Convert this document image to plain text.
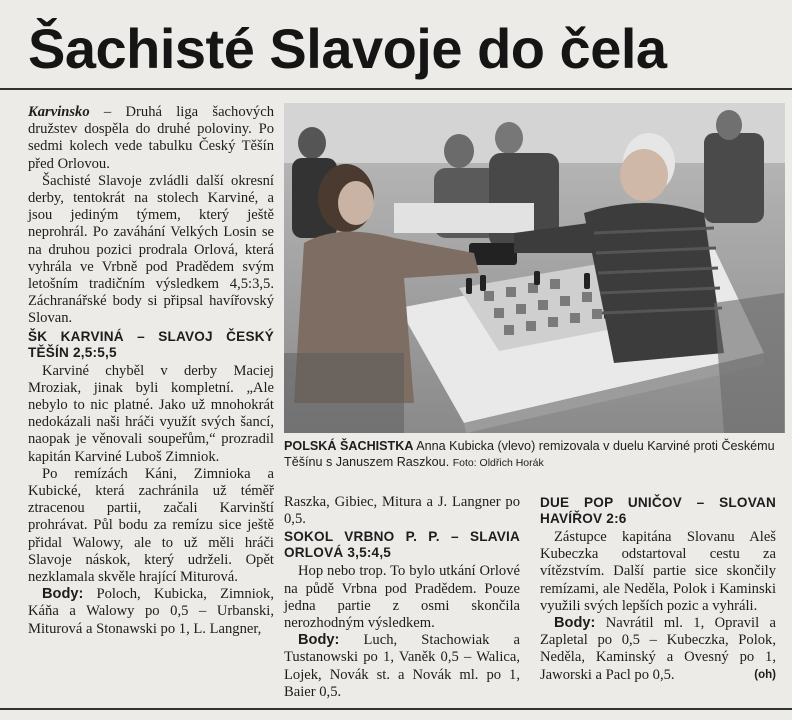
Šachisté Slavoje do čela

Karvinsko – Druhá liga šachových družstev dospěla do druhé poloviny. Po sedmi kolech vede tabulku Český Těšín před Orlovou.

Šachisté Slavoje zvládli další okresní derby, tentokrát na stolech Karviné, a jsou jediným týmem, který ještě neprohrál. Po zaváhání Velkých Losin se na druhou pozici prodrala Orlová, která vyhrála ve Vrbně pod Pradědem svým letošním tradičním výsledkem 4,5:3,5. Záchranářské body si připsal havířovský Slovan.

ŠK KARVINÁ – SLAVOJ ČESKÝ TĚŠÍN 2,5:5,5

Karviné chyběl v derby Maciej Mroziak, jinak byli kompletní. „Ale nebylo to nic platné. Jako už mnohokrát nedokázali naši hráči využít svých šancí, naopak je věnovali soupeřům,“ prozradil kapitán Karviné Luboš Zimniok.

Po remízách Káni, Zimnioka a Kubické, která zachránila už téměř ztracenou partii, začali Karvinští prohrávat. Půl bodu za remízu sice ještě přidal Walowy, ale to už měli hráči Slavoje náskok, který udrželi. Opět nezklamala skvěle hrající Miturová.

Body: Poloch, Kubicka, Zimniok, Káňa a Walowy po 0,5 – Urbanski, Miturová a Stonawski po 1, L. Langner,

POLSKÁ ŠACHISTKA Anna Kubicka (vlevo) remizovala v duelu Karviné proti Českému Těšínu s Januszem Raszkou. Foto: Oldřich Horák

Raszka, Gibiec, Mitura a J. Langner po 0,5.

SOKOL VRBNO P. P. – SLAVIA ORLOVÁ 3,5:4,5

Hop nebo trop. To bylo utkání Orlové na půdě Vrbna pod Pradědem. Pouze jedna partie z osmi skončila nerozhodným výsledkem.

Body: Luch, Stachowiak a Tustanowski po 1, Vaněk 0,5 – Walica, Lojek, Novák st. a Novák ml. po 1, Baier 0,5.

DUE POP UNIČOV – SLOVAN HAVÍŘOV 2:6

Zástupce kapitána Slovanu Aleš Kubeczka odstartoval cestu za vítězstvím. Další partie sice skončily remízami, ale Neděla, Polok i Kaminski využili svých lepších pozic a vyhráli.

Body: Navrátil ml. 1, Opravil a Zapletal po 0,5 – Kubeczka, Polok, Neděla, Kaminský a Ovesný po 1, Jaworski a Pacl po 0,5.	(oh)
